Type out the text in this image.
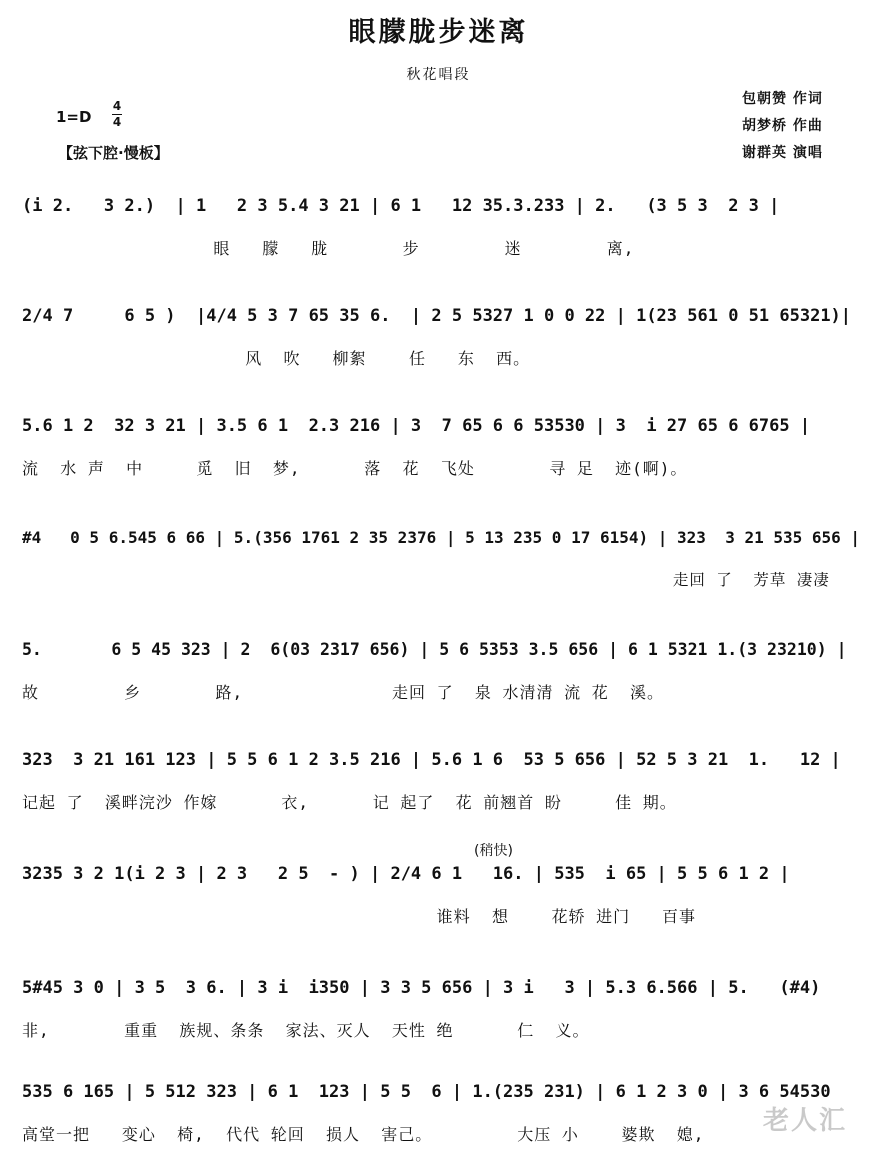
眼朦胧步迷离
秋花唱段
1=D
4
4
【弦下腔·慢板】
包朝赞 作词
胡梦桥 作曲
谢群英 演唱
(i 2.   3 2.)  | 1   2 3 5.4 3 21 | 6 1   12 35.3.233 | 2.   (3 5 3  2 3 |
眼   朦   胧       步        迷        离,
2/4 7     6 5 )  |4/4 5 3 7 65 35 6.  | 2 5 5327 1 0 0 22 | 1(23 561 0 51 65321)|
风  吹   柳絮    任   东  西。
5.6 1 2  32 3 21 | 3.5 6 1  2.3 216 | 3  7 65 6 6 53530 | 3  i 27 65 6 6765 |
流  水 声  中     觅  旧  梦,      落  花  飞处       寻 足  迹(啊)。
#4   0 5 6.545 6 66 | 5.(356 1761 2 35 2376 | 5 13 235 0 17 6154) | 323  3 21 535 656 |
走回 了  芳草 凄凄
5.       6 5 45 323 | 2  6(03 2317 656) | 5 6 5353 3.5 656 | 6 1 5321 1.(3 23210) |
故        乡       路,              走回 了  泉 水清清 流 花  溪。
323  3 21 161 123 | 5 5 6 1 2 3.5 216 | 5.6 1 6  53 5 656 | 52 5 3 21  1.   12 |
记起 了  溪畔浣沙 作嫁      衣,      记 起了  花 前翘首 盼     佳 期。
(稍快)
3235 3 2 1(i 2 3 | 2 3   2 5  - ) | 2/4 6 1   16. | 535  i 65 | 5 5 6 1 2 |
谁料  想    花轿 进门   百事
5#45 3 0 | 3 5  3 6. | 3 i  i350 | 3 3 5 656 | 3 i   3 | 5.3 6.566 | 5.   (#4)
非,       重重  族规、条条  家法、灭人  天性 绝      仁  义。
535 6 165 | 5 512 323 | 6 1  123 | 5 5  6 | 1.(235 231) | 6 1 2 3 0 | 3 6 54530
高堂一把   变心  椅,  代代 轮回  损人  害己。        大压 小    婆欺  媳, 老人汇
